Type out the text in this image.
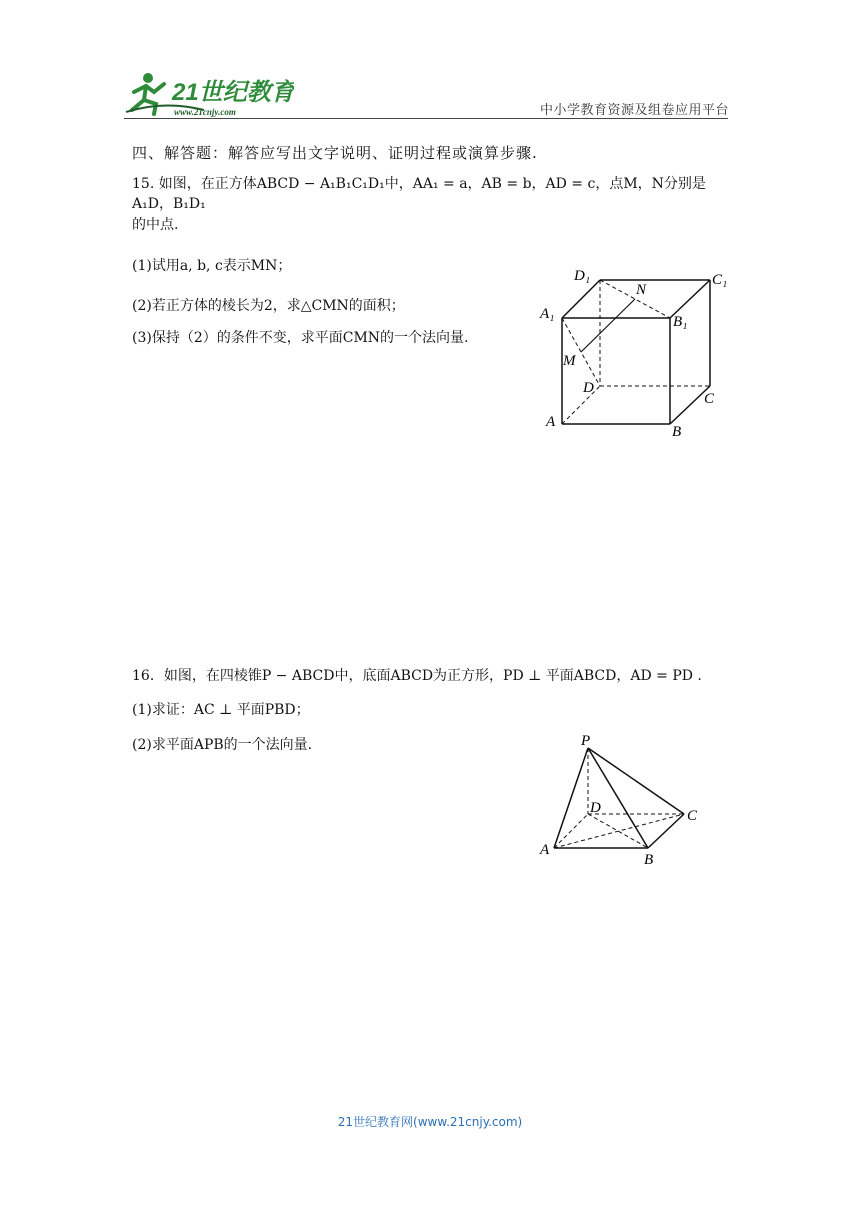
21世纪教育
www.21cnjy.com	中小学教育资源及组卷应用平台
四、解答题：解答应写出文字说明、证明过程或演算步骤.
15. 如图，在正方体ABCD − A₁B₁C₁D₁中，AA₁ = a，AB = b，AD = c，点M，N分别是A₁D，B₁D₁
的中点.
(1)试用a, b, c表示MN；
(2)若正方体的棱长为2，求△CMN的面积；
(3)保持（2）的条件不变，求平面CMN的一个法向量.
D₁	C₁
A₁	B₁
N
M
D
C
A
B
16．如图，在四棱锥P − ABCD中，底面ABCD为正方形，PD ⊥ 平面ABCD，AD = PD .
(1)求证：AC ⊥ 平面PBD；
(2)求平面APB的一个法向量.	P
D	C
A
B
21世纪教育网(www.21cnjy.com)
